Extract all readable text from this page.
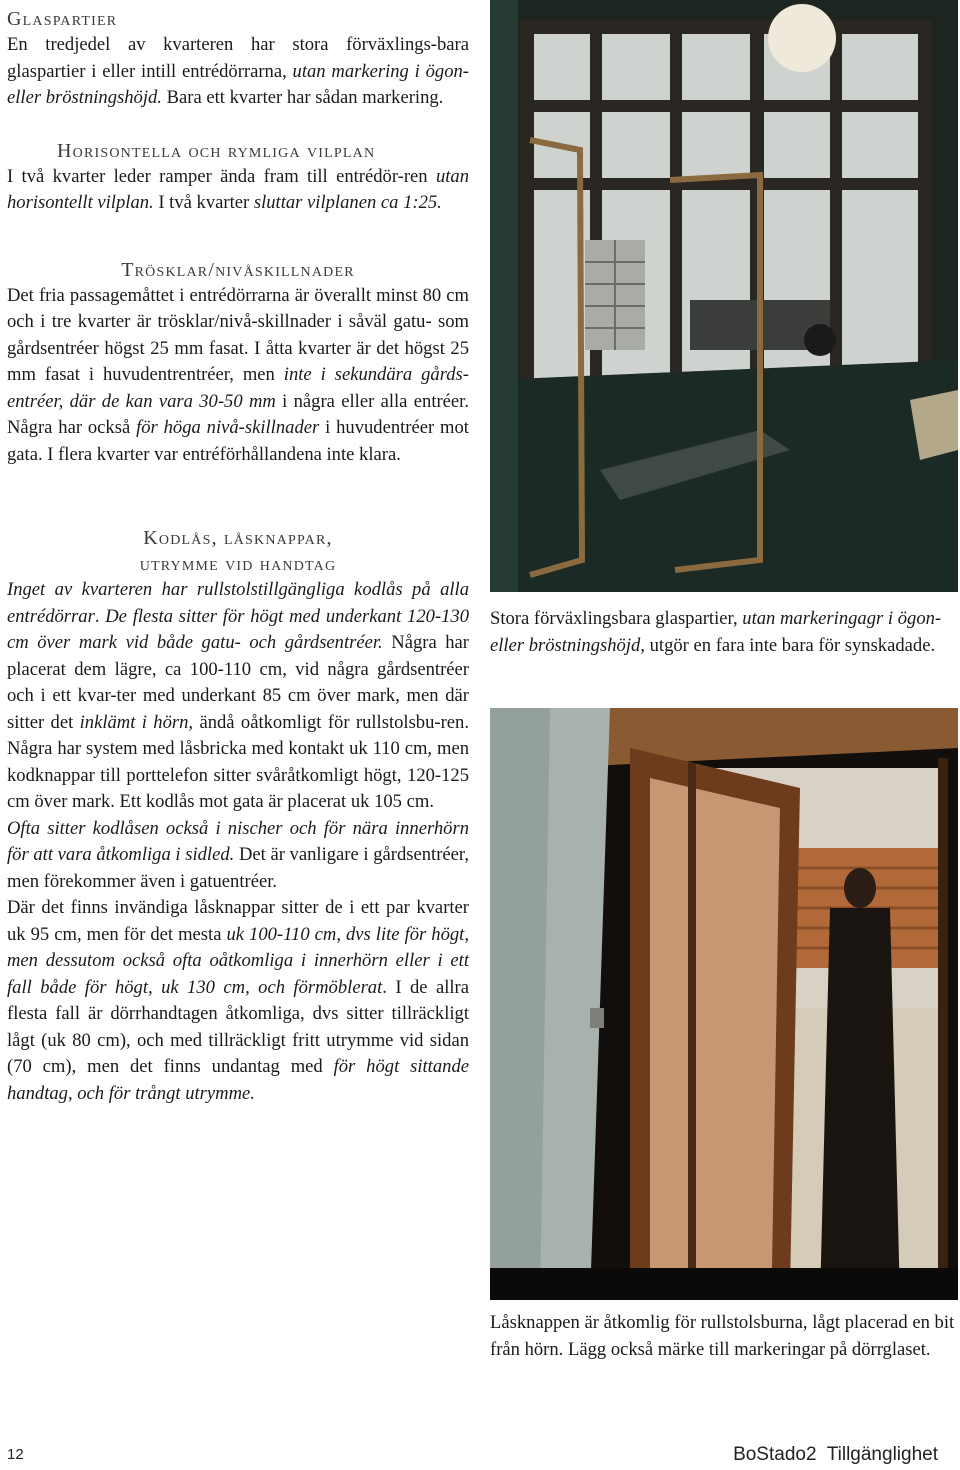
Glaspartier

En tredjedel av kvarteren har stora förväxlings-bara glaspartier i eller intill entrédörrarna, utan markering i ögon- eller bröstningshöjd. Bara ett kvarter har sådan markering.

Horisontella och rymliga vilplan

I två kvarter leder ramper ända fram till entrédör-ren utan horisontellt vilplan. I två kvarter sluttar vilplanen ca 1:25.

Trösklar/nivåskillnader

Det fria passagemåttet i entrédörrarna är överallt minst 80 cm och i tre kvarter är trösklar/nivå-skillnader i såväl gatu- som gårdsentréer högst 25 mm fasat. I åtta kvarter är det högst 25 mm fasat i huvudentrentréer, men inte i sekundära gårds-entréer, där de kan vara 30-50 mm i några eller alla entréer. Några har också för höga nivå-skillnader i huvudentréer mot gata. I flera kvarter var entréförhållandena inte klara.

Kodlås, låsknappar,
utrymme vid handtag

Inget av kvarteren har rullstolstillgängliga kodlås på alla entrédörrar. De flesta sitter för högt med underkant 120-130 cm över mark vid både gatu- och gårdsentréer. Några har placerat dem lägre, ca 100-110 cm, vid några gårdsentréer och i ett kvar-ter med underkant 85 cm över mark, men där sitter det inklämt i hörn, ändå oåtkomligt för rullstolsbu-ren. Några har system med låsbricka med kontakt uk 110 cm, men kodknappar till porttelefon sitter svåråtkomligt högt, 120-125 cm över mark. Ett kodlås mot gata är placerat uk 105 cm.

Ofta sitter kodlåsen också i nischer och för nära innerhörn för att vara åtkomliga i sidled. Det är vanligare i gårdsentréer, men förekommer även i gatuentréer.

Där det finns invändiga låsknappar sitter de i ett par kvarter uk 95 cm, men för det mesta uk 100-110 cm, dvs lite för högt, men dessutom också ofta oåtkomliga i innerhörn eller i ett fall både för högt, uk 130 cm, och förmöblerat. I de allra flesta fall är dörrhandtagen åtkomliga, dvs sitter tillräckligt lågt (uk 80 cm), och med tillräckligt fritt utrymme vid sidan (70 cm), men det finns undantag med för högt sittande handtag, och för trångt utrymme.

Stora förväxlingsbara glaspartier, utan markeringagr i ögon- eller bröstningshöjd, utgör en fara inte bara för synskadade.

Låsknappen är åtkomlig för rullstolsburna, lågt placerad en bit från hörn. Lägg också märke till markeringar på dörrglaset.

12	BoStado2  Tillgänglighet
